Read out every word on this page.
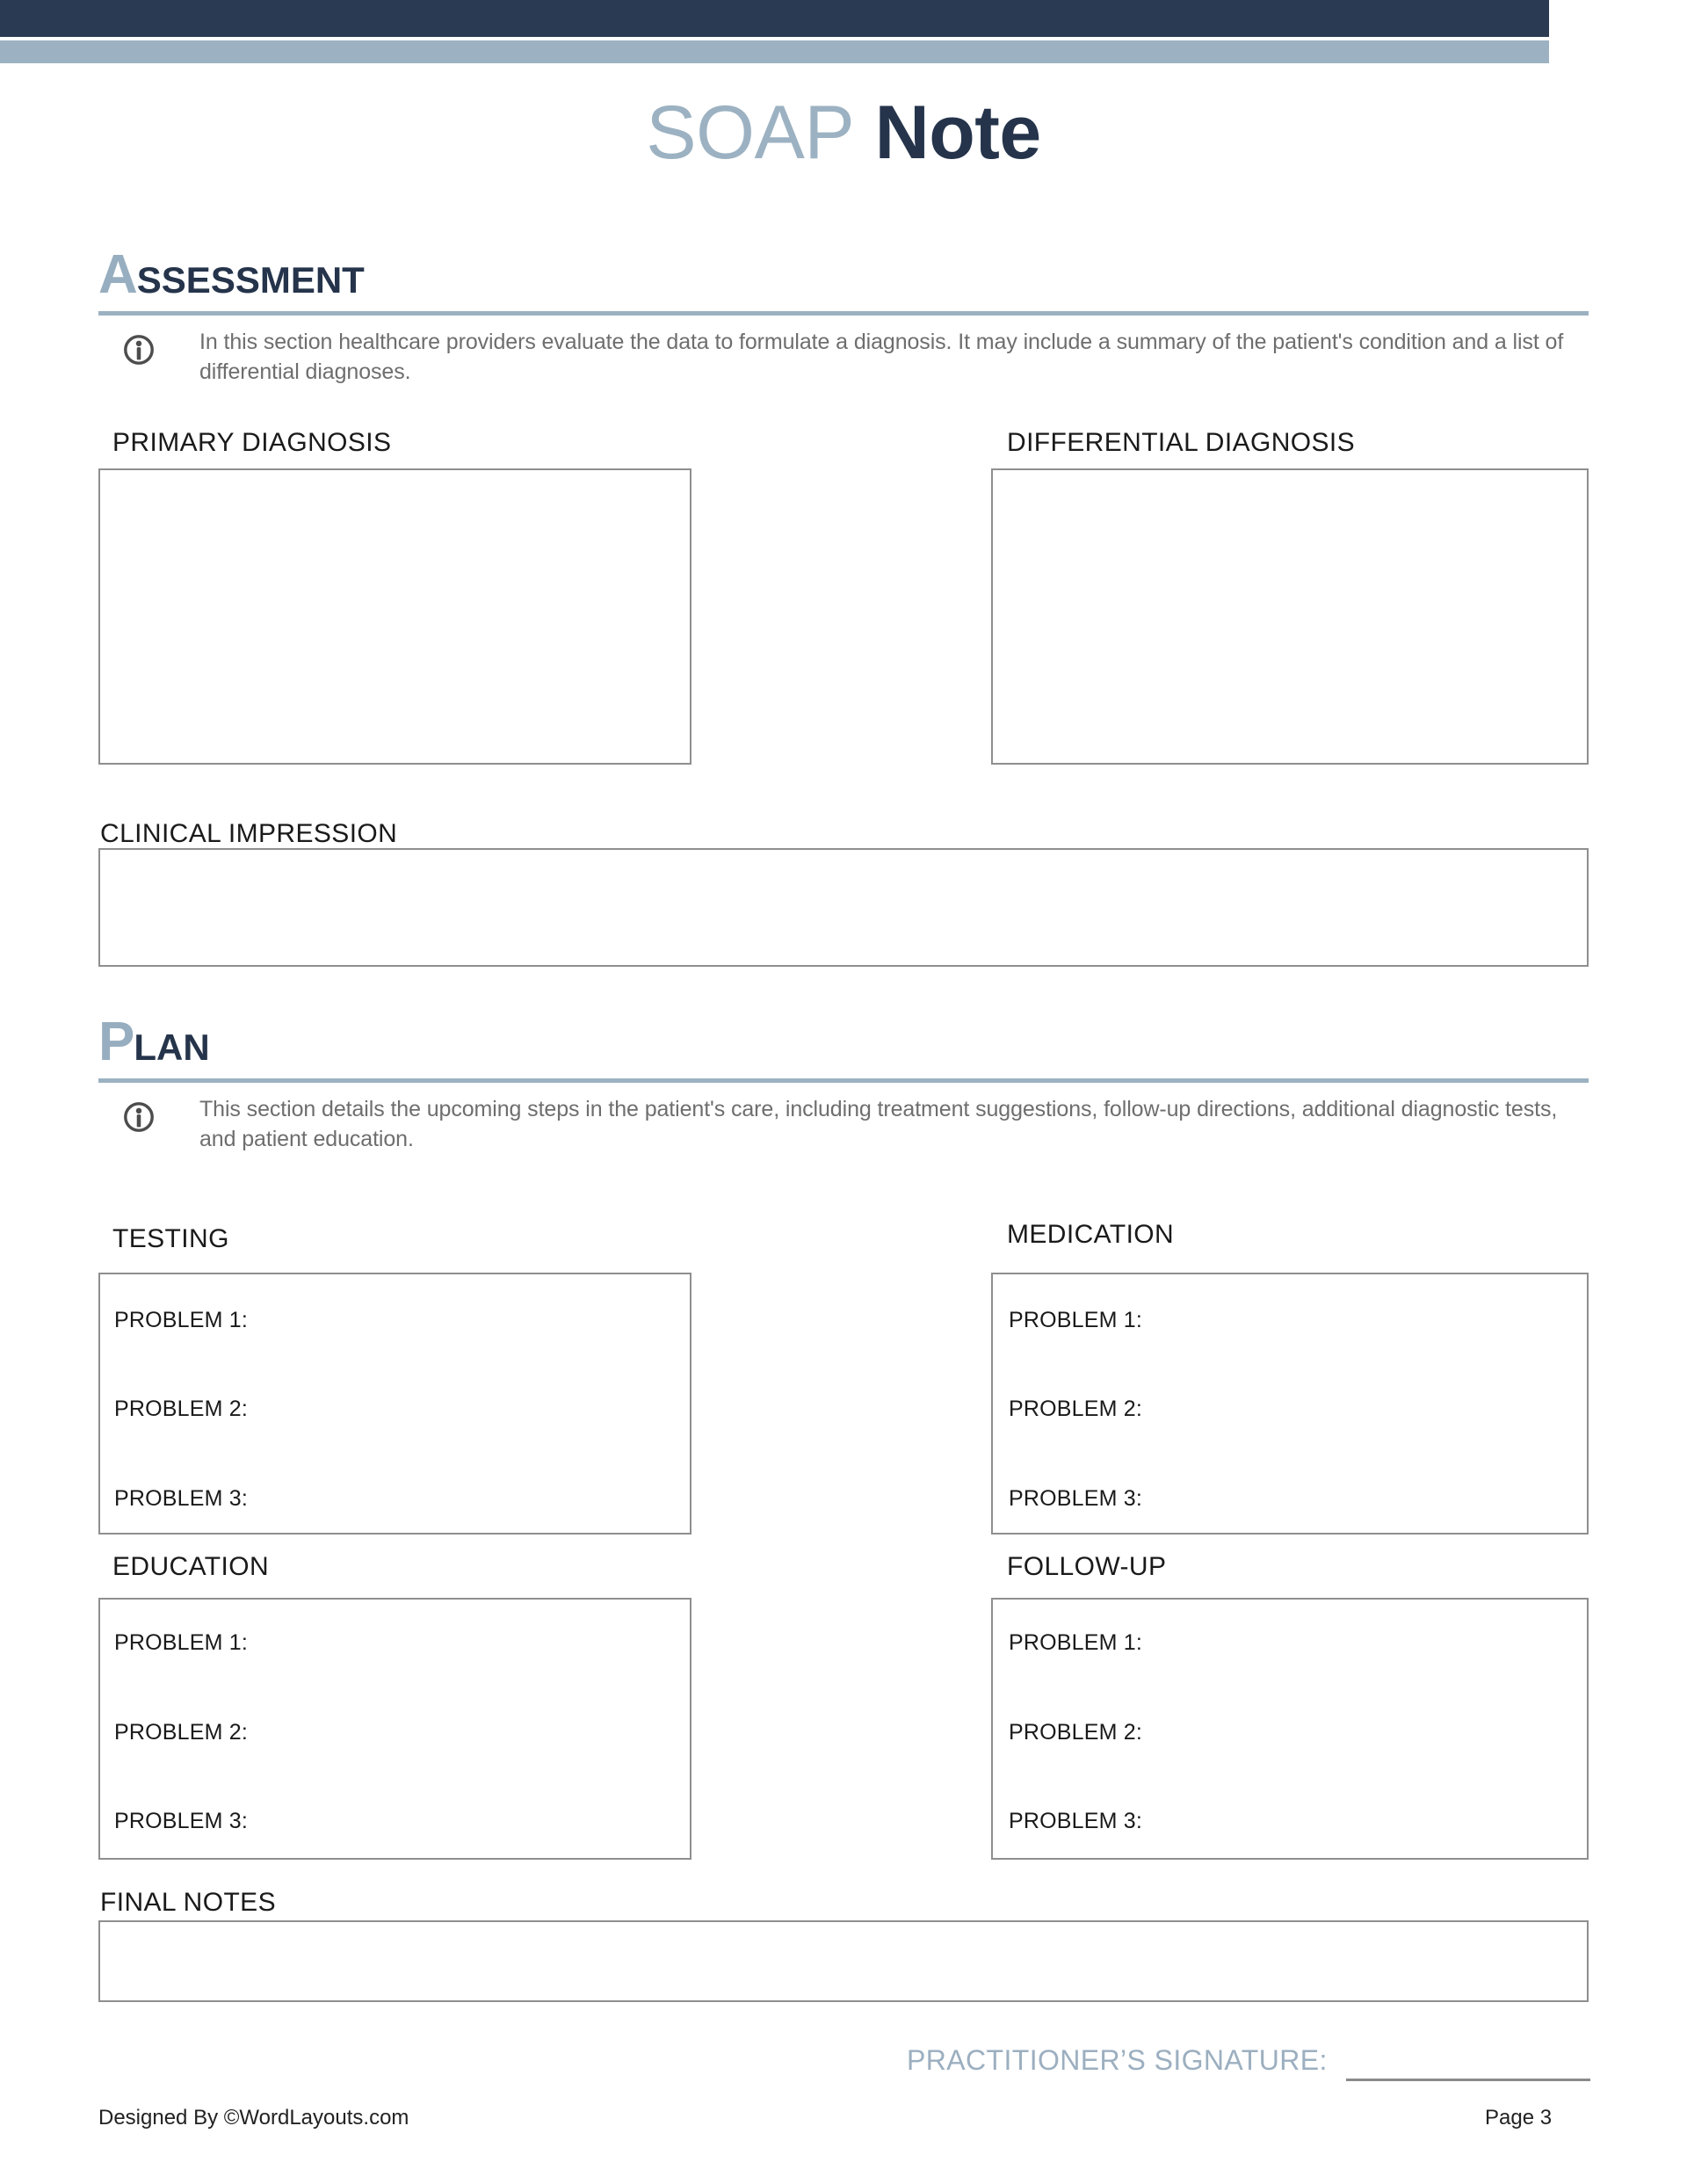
SOAP Note
ASSESSMENT
In this section healthcare providers evaluate the data to formulate a diagnosis. It may include a summary of the patient's condition and a list of differential diagnoses.
PRIMARY DIAGNOSIS	DIFFERENTIAL DIAGNOSIS
CLINICAL IMPRESSION
PLAN
This section details the upcoming steps in the patient's care, including treatment suggestions, follow-up directions, additional diagnostic tests, and patient education.
TESTING
PROBLEM 1:
PROBLEM 2:
PROBLEM 3:
MEDICATION
PROBLEM 1:
PROBLEM 2:
PROBLEM 3:
EDUCATION
PROBLEM 1:
PROBLEM 2:
PROBLEM 3:
FOLLOW-UP
PROBLEM 1:
PROBLEM 2:
PROBLEM 3:
FINAL NOTES
PRACTITIONER’S SIGNATURE:
Designed By ©WordLayouts.com	Page 3
